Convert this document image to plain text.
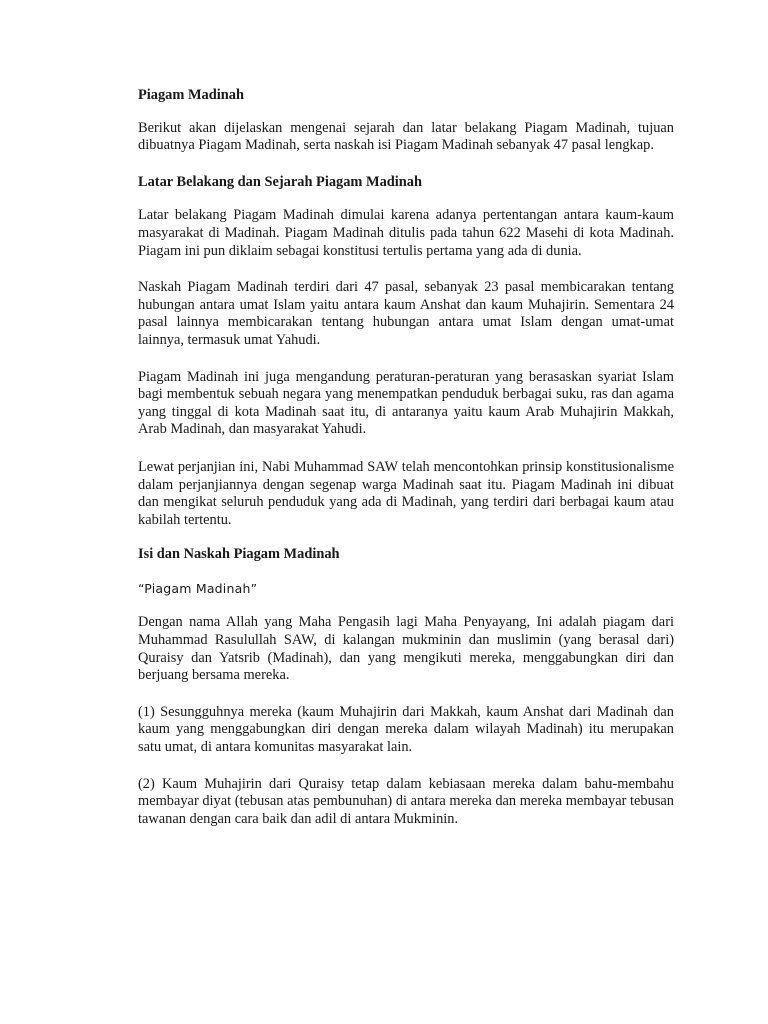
Piagam Madinah

Berikut akan dijelaskan mengenai sejarah dan latar belakang Piagam Madinah, tujuan dibuatnya Piagam Madinah, serta naskah isi Piagam Madinah sebanyak 47 pasal lengkap.

Latar Belakang dan Sejarah Piagam Madinah

Latar belakang Piagam Madinah dimulai karena adanya pertentangan antara kaum-kaum masyarakat di Madinah. Piagam Madinah ditulis pada tahun 622 Masehi di kota Madinah. Piagam ini pun diklaim sebagai konstitusi tertulis pertama yang ada di dunia.

Naskah Piagam Madinah terdiri dari 47 pasal, sebanyak 23 pasal membicarakan tentang hubungan antara umat Islam yaitu antara kaum Anshat dan kaum Muhajirin. Sementara 24 pasal lainnya membicarakan tentang hubungan antara umat Islam dengan umat-umat lainnya, termasuk umat Yahudi.

Piagam Madinah ini juga mengandung peraturan-peraturan yang berasaskan syariat Islam bagi membentuk sebuah negara yang menempatkan penduduk berbagai suku, ras dan agama yang tinggal di kota Madinah saat itu, di antaranya yaitu kaum Arab Muhajirin Makkah, Arab Madinah, dan masyarakat Yahudi.

Lewat perjanjian ini, Nabi Muhammad SAW telah mencontohkan prinsip konstitusionalisme dalam perjanjiannya dengan segenap warga Madinah saat itu. Piagam Madinah ini dibuat dan mengikat seluruh penduduk yang ada di Madinah, yang terdiri dari berbagai kaum atau kabilah tertentu.

Isi dan Naskah Piagam Madinah

“Piagam Madinah”

Dengan nama Allah yang Maha Pengasih lagi Maha Penyayang, Ini adalah piagam dari Muhammad Rasulullah SAW, di kalangan mukminin dan muslimin (yang berasal dari) Quraisy dan Yatsrib (Madinah), dan yang mengikuti mereka, menggabungkan diri dan berjuang bersama mereka.

(1) Sesungguhnya mereka (kaum Muhajirin dari Makkah, kaum Anshat dari Madinah dan kaum yang menggabungkan diri dengan mereka dalam wilayah Madinah) itu merupakan satu umat, di antara komunitas masyarakat lain.

(2) Kaum Muhajirin dari Quraisy tetap dalam kebiasaan mereka dalam bahu-membahu membayar diyat (tebusan atas pembunuhan) di antara mereka dan mereka membayar tebusan tawanan dengan cara baik dan adil di antara Mukminin.
